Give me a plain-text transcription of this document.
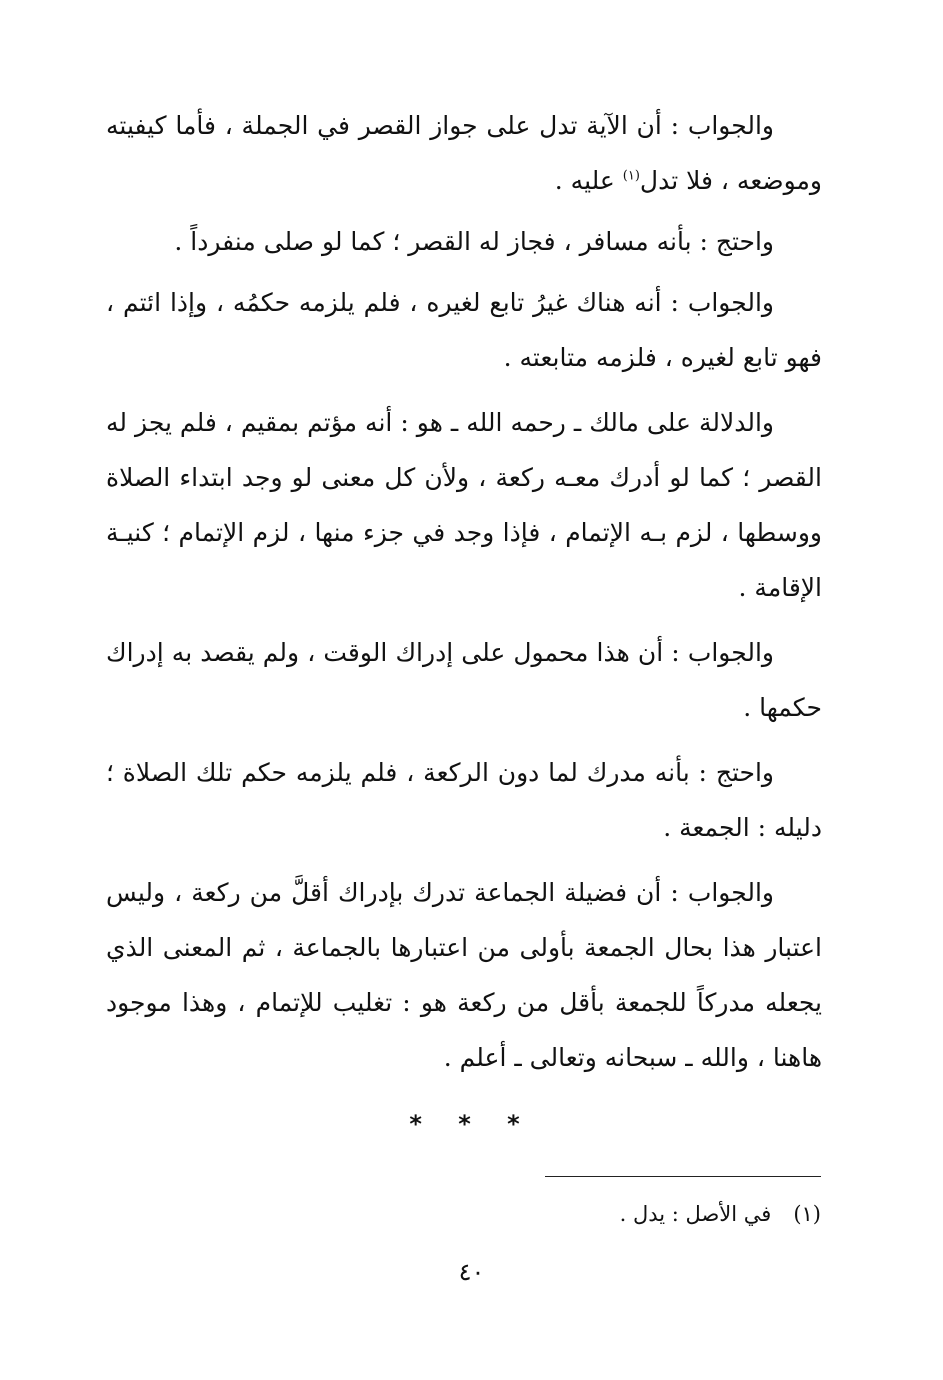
والجواب : أن الآية تدل على جواز القصر في الجملة ، فأما كيفيته وموضعه ، فلا تدل$^{(١)}$ عليه .

واحتج : بأنه مسافر ، فجاز له القصر ؛ كما لو صلى منفرداً .

والجواب : أنه هناك غيرُ تابع لغيره ، فلم يلزمه حكمُه ، وإذا ائتم ، فهو تابع لغيره ، فلزمه متابعته .

والدلالة على مالك ـ رحمه الله ـ هو : أنه مؤتم بمقيم ، فلم يجز له القصر ؛ كما لو أدرك معـه ركعة ، ولأن كل معنى لو وجد ابتداء الصلاة ووسطها ، لزم بـه الإتمام ، فإذا وجد في جزء منها ، لزم الإتمام ؛ كنيـة الإقامة .

والجواب : أن هذا محمول على إدراك الوقت ، ولم يقصد به إدراك حكمها .

واحتج : بأنه مدرك لما دون الركعة ، فلم يلزمه حكم تلك الصلاة ؛ دليله : الجمعة .

والجواب : أن فضيلة الجماعة تدرك بإدراك أقلَّ من ركعة ، وليس اعتبار هذا بحال الجمعة بأولى من اعتبارها بالجماعة ، ثم المعنى الذي يجعله مدركاً للجمعة بأقل من ركعة هو : تغليب للإتمام ، وهذا موجود هاهنا ، والله ـ سبحانه وتعالى ـ أعلم .

* * *
(١)في الأصل : يدل .
٤٠
